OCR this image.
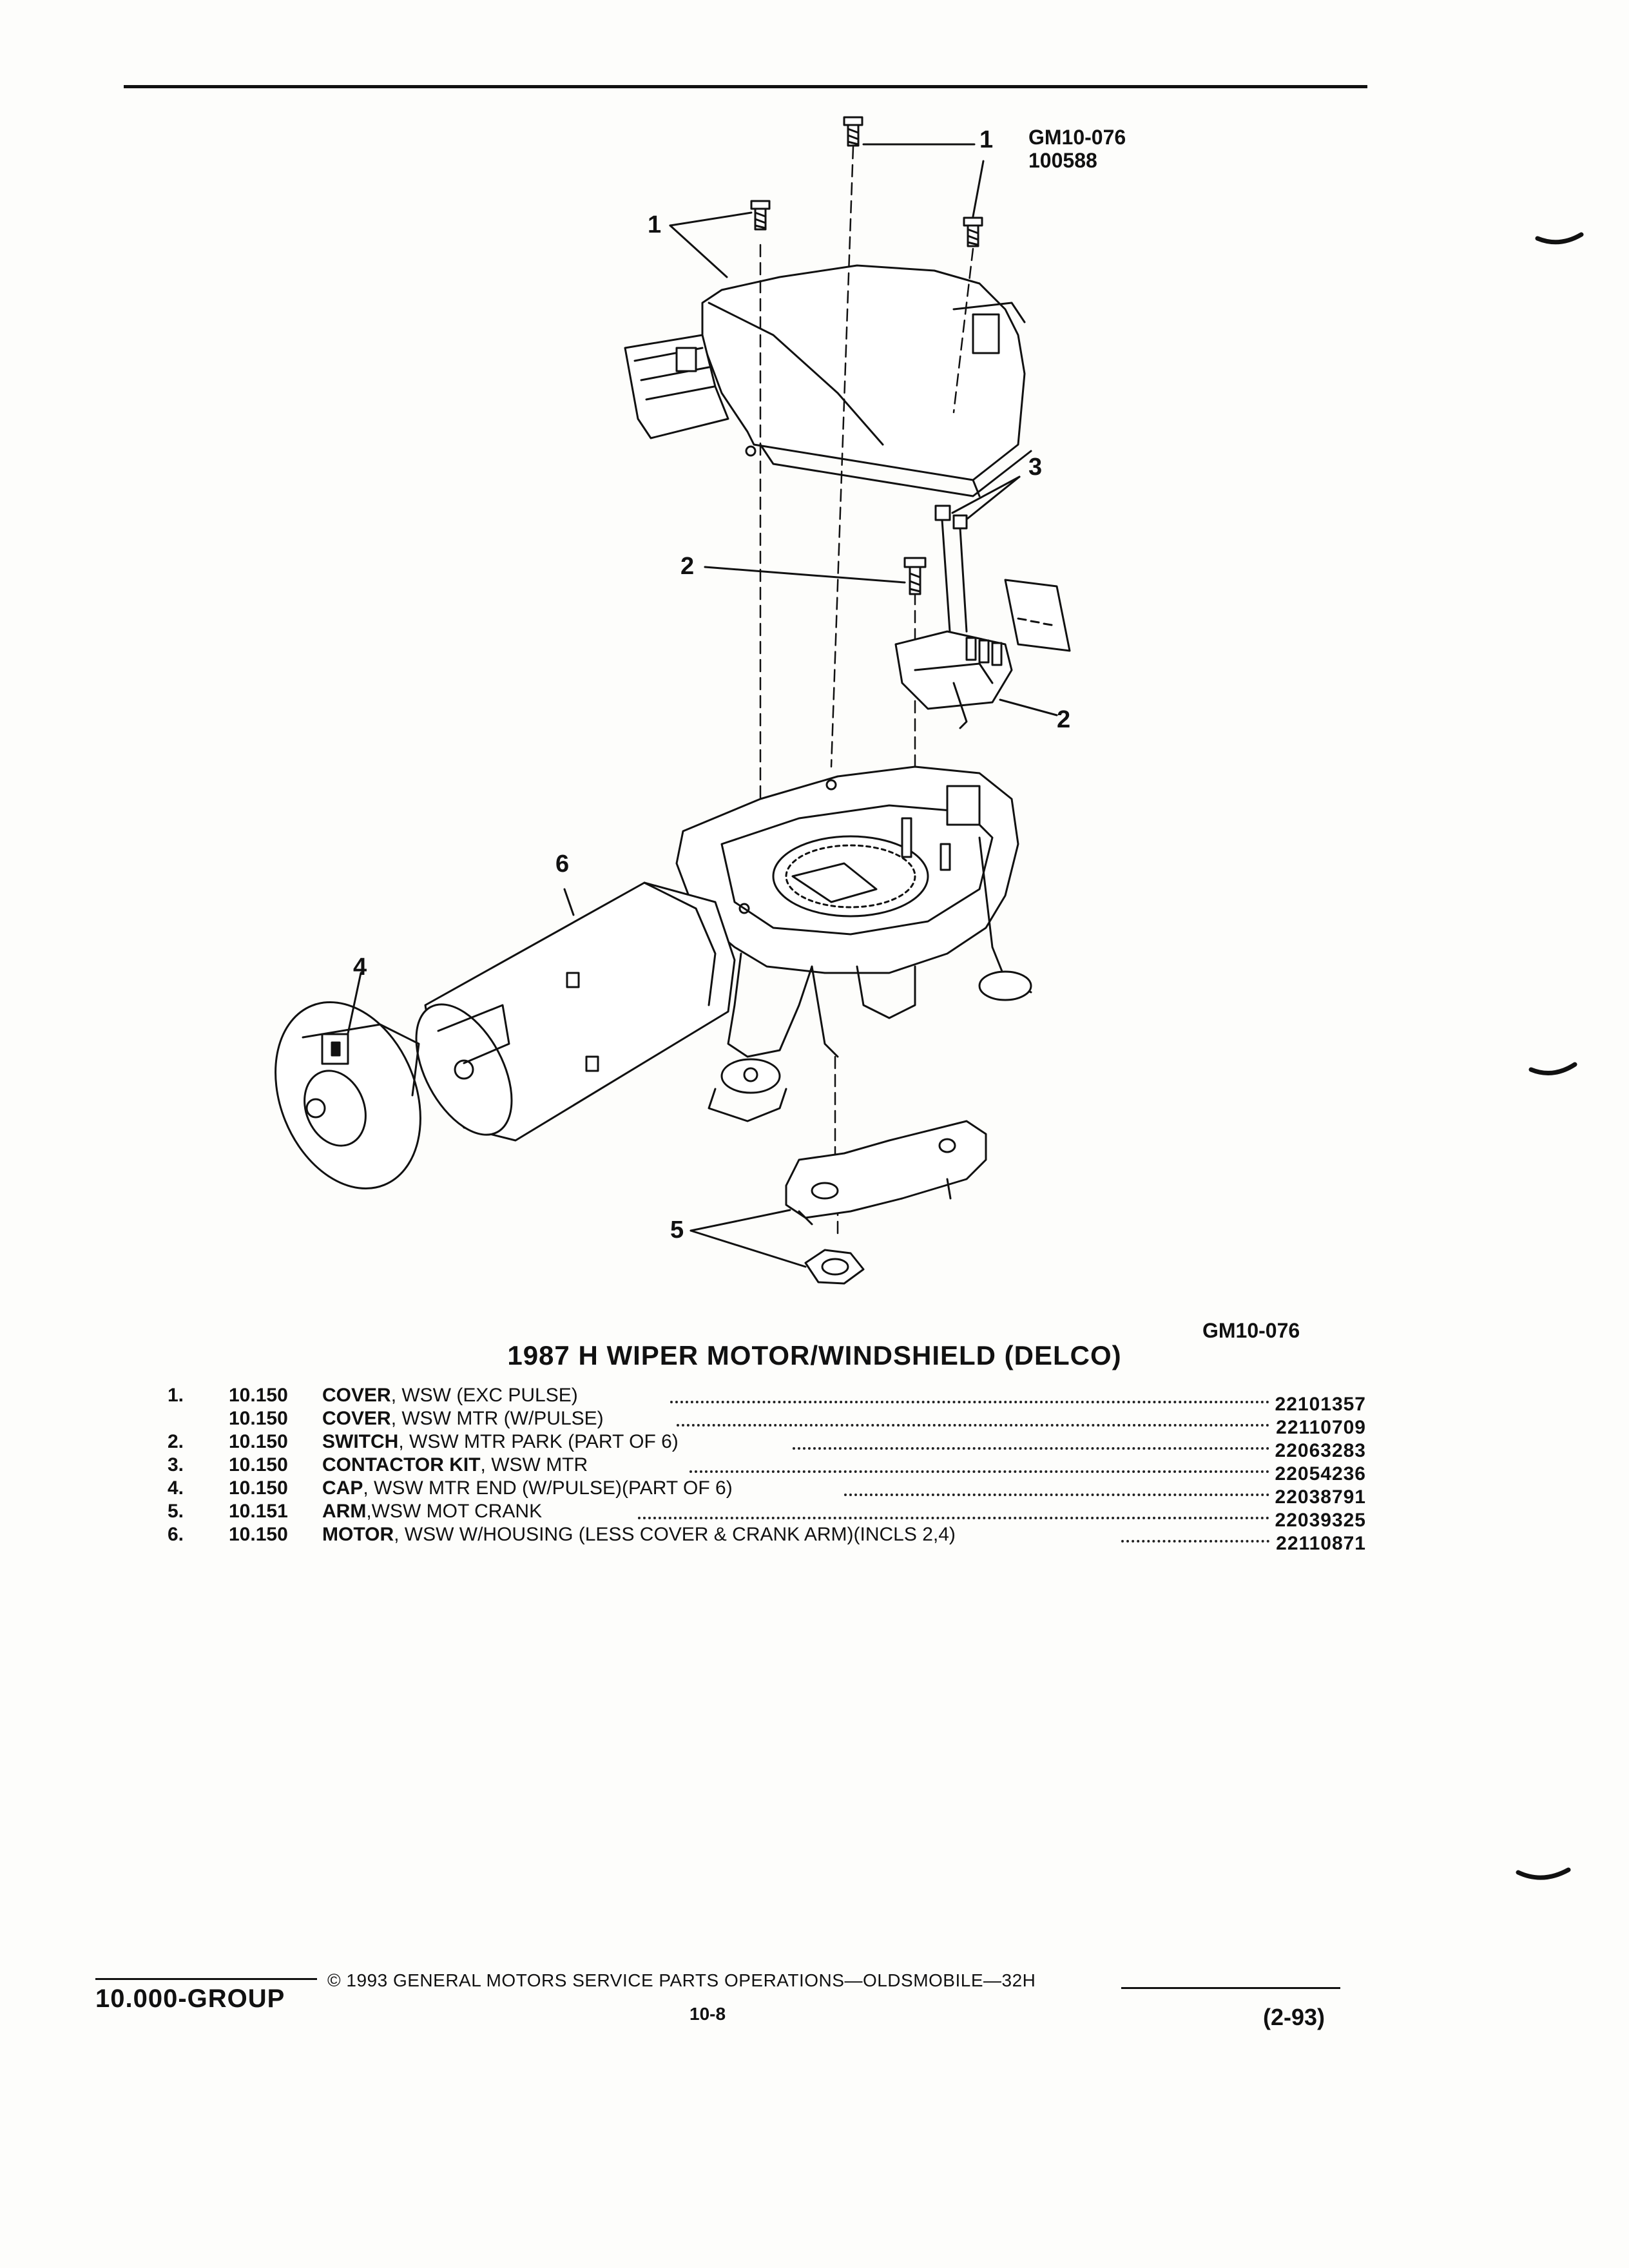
GM10-076
100588
1
1
3
2
2
6
4
5
GM10-076
1987 H WIPER MOTOR/WINDSHIELD (DELCO)
1. 10.150 COVER, WSW (EXC PULSE)	22101357
10.150 COVER, WSW MTR (W/PULSE)	22110709
2. 10.150 SWITCH, WSW MTR PARK (PART OF 6)	22063283
3. 10.150 CONTACTOR KIT, WSW MTR	22054236
4. 10.150 CAP, WSW MTR END (W/PULSE)(PART OF 6)	22038791
5. 10.151 ARM,WSW MOT CRANK	22039325
6. 10.150 MOTOR, WSW W/HOUSING (LESS COVER & CRANK ARM)(INCLS 2,4)	22110871
10.000-GROUP
© 1993 GENERAL MOTORS SERVICE PARTS OPERATIONS—OLDSMOBILE—32H
10-8	(2-93)
